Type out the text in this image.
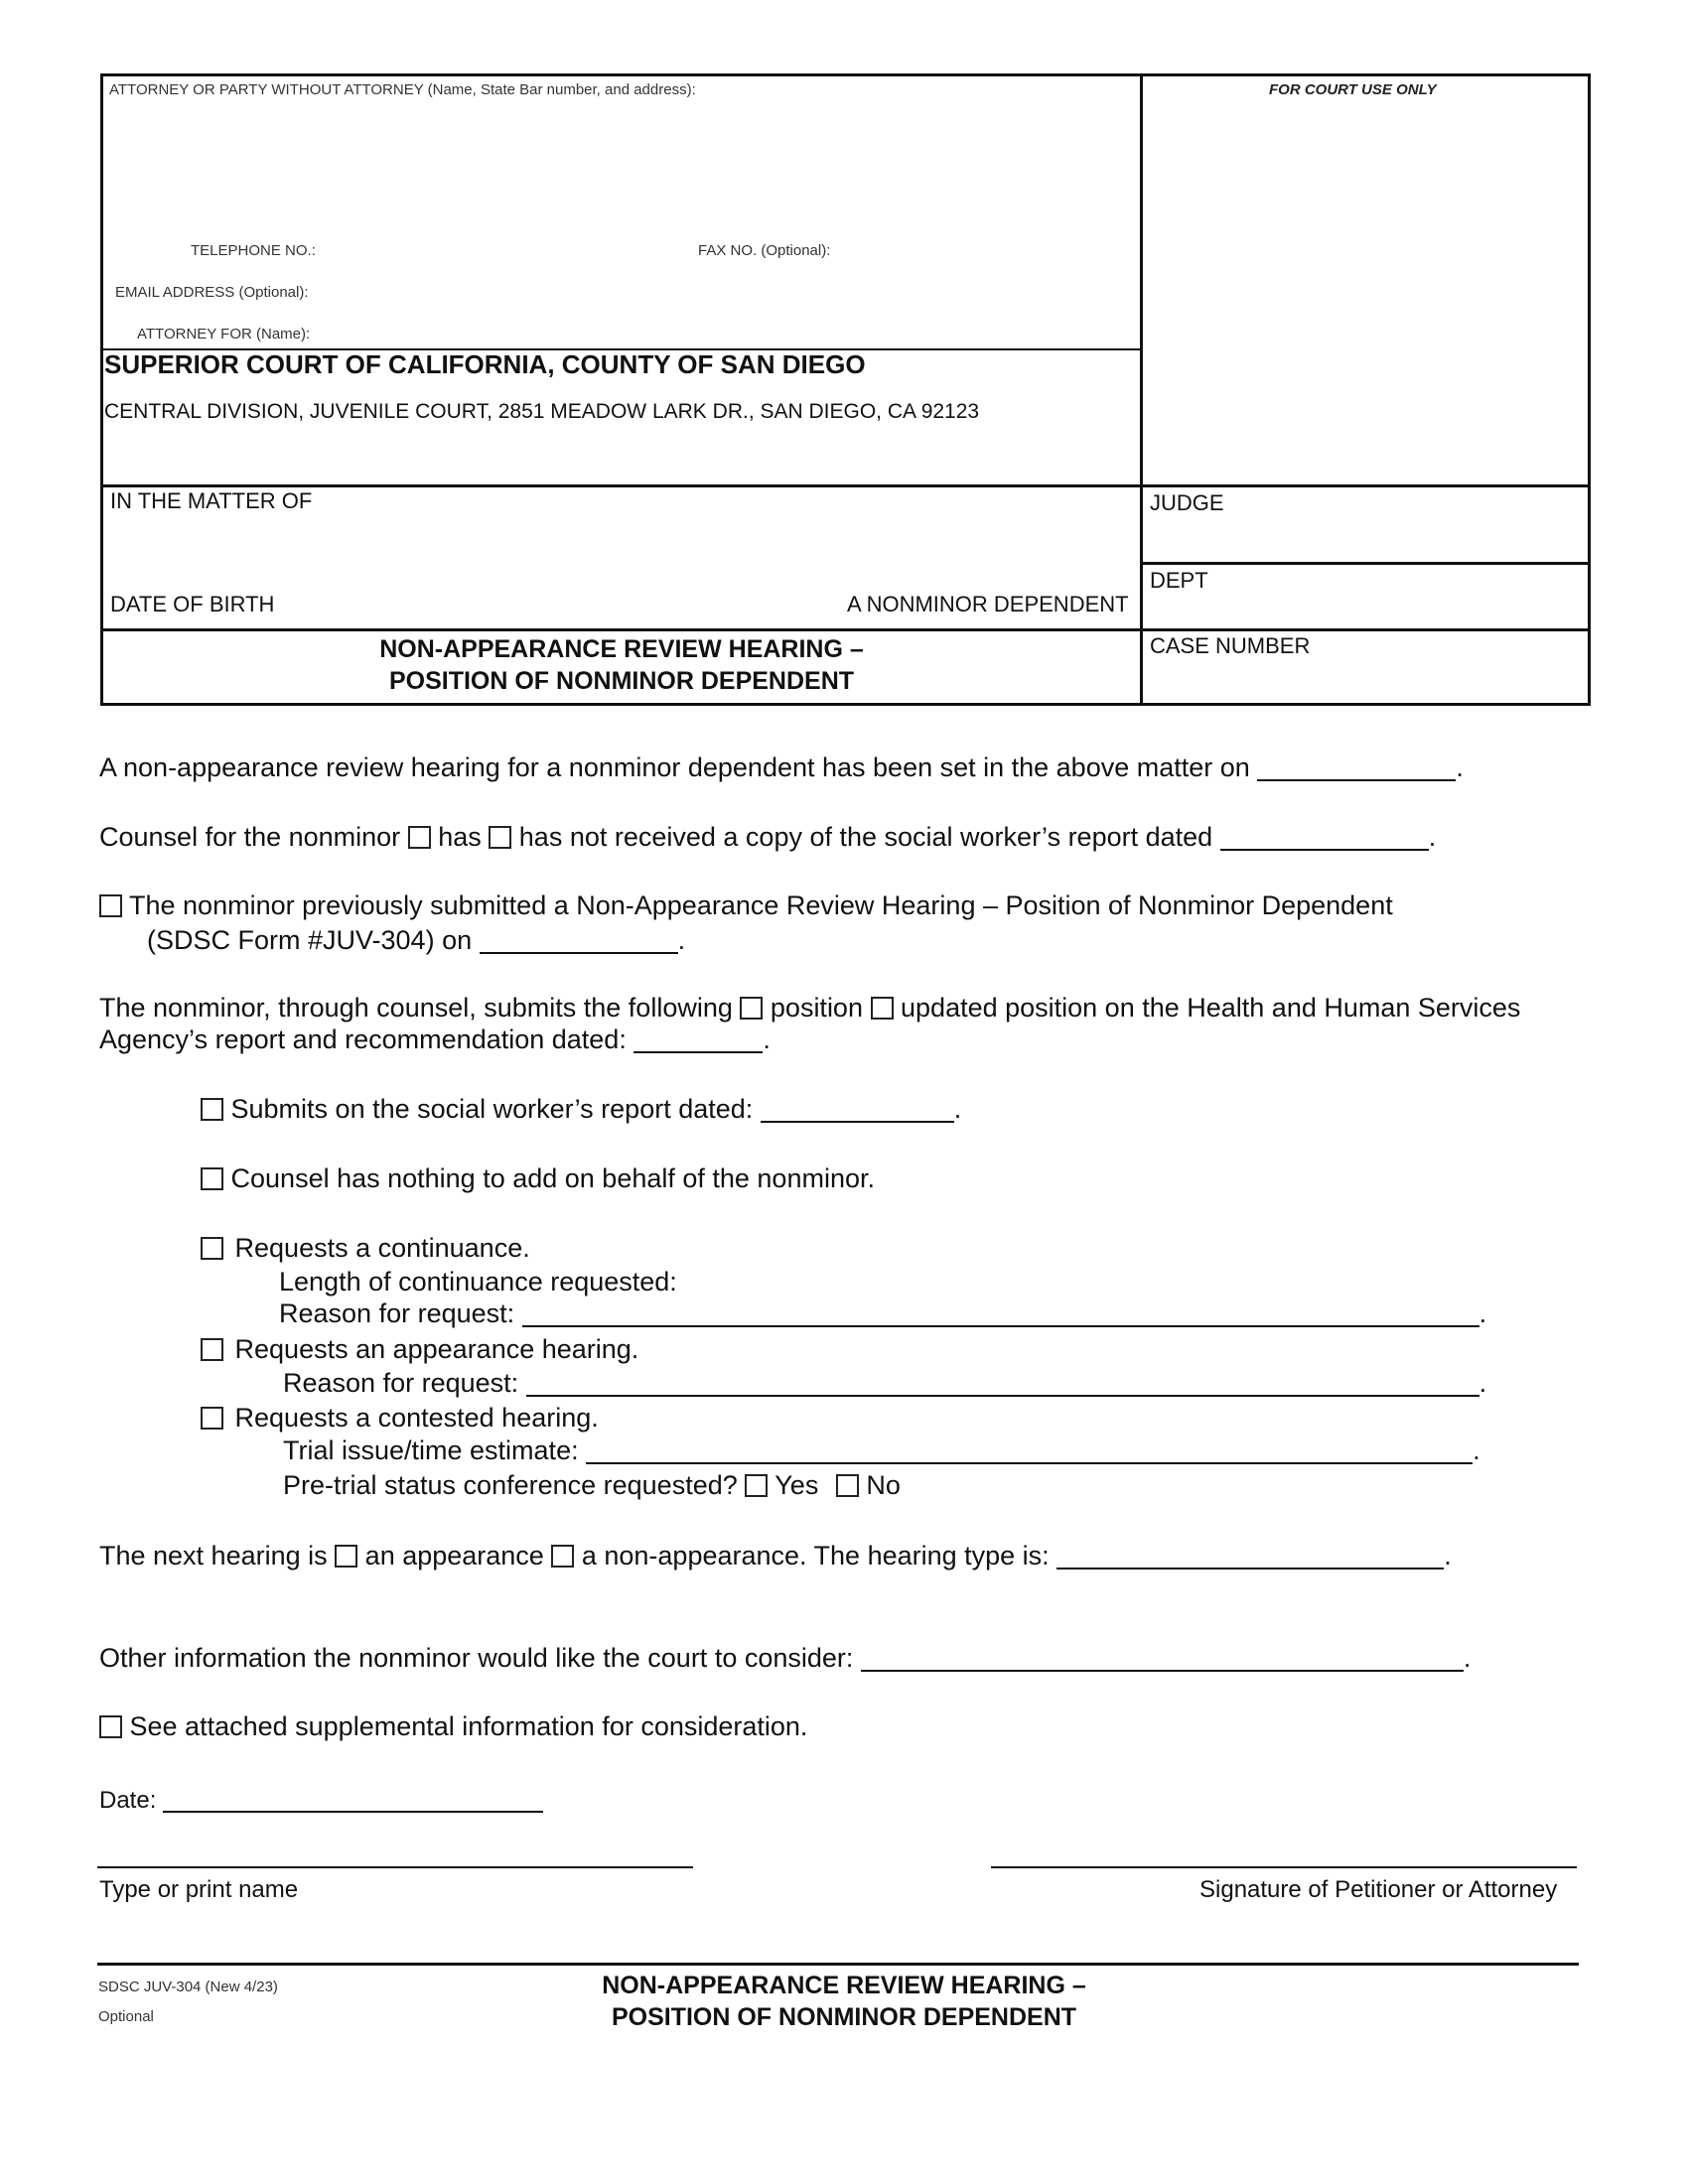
ATTORNEY OR PARTY WITHOUT ATTORNEY (Name, State Bar number, and address):	FOR COURT USE ONLY
TELEPHONE NO.:	FAX NO. (Optional):
EMAIL ADDRESS (Optional):
ATTORNEY FOR (Name):
SUPERIOR COURT OF CALIFORNIA, COUNTY OF SAN DIEGO
CENTRAL DIVISION, JUVENILE COURT, 2851 MEADOW LARK DR., SAN DIEGO, CA 92123
IN THE MATTER OF
DATE OF BIRTH	A NONMINOR DEPENDENT
JUDGE
DEPT
CASE NUMBER
NON-APPEARANCE REVIEW HEARING –
POSITION OF NONMINOR DEPENDENT
A non-appearance review hearing for a nonminor dependent has been set in the above matter on	.
Counsel for the nonminor has has not received a copy of the social worker’s report dated	.
The nonminor previously submitted a Non-Appearance Review Hearing – Position of Nonminor Dependent
(SDSC Form #JUV-304) on	.
The nonminor, through counsel, submits the following position updated position on the Health and Human Services
Agency’s report and recommendation dated:	.
Submits on the social worker’s report dated:	.
Counsel has nothing to add on behalf of the nonminor.
Requests a continuance.
Length of continuance requested:
Reason for request:	.
Requests an appearance hearing.
Reason for request:	.
Requests a contested hearing.
Trial issue/time estimate:	.
Pre-trial status conference requested? Yes No
The next hearing is an appearance a non-appearance. The hearing type is:	.
Other information the nonminor would like the court to consider:	.
See attached supplemental information for consideration.
Date:
Type or print name	Signature of Petitioner or Attorney
SDSC JUV-304 (New 4/23)
Optional
NON-APPEARANCE REVIEW HEARING –
POSITION OF NONMINOR DEPENDENT
